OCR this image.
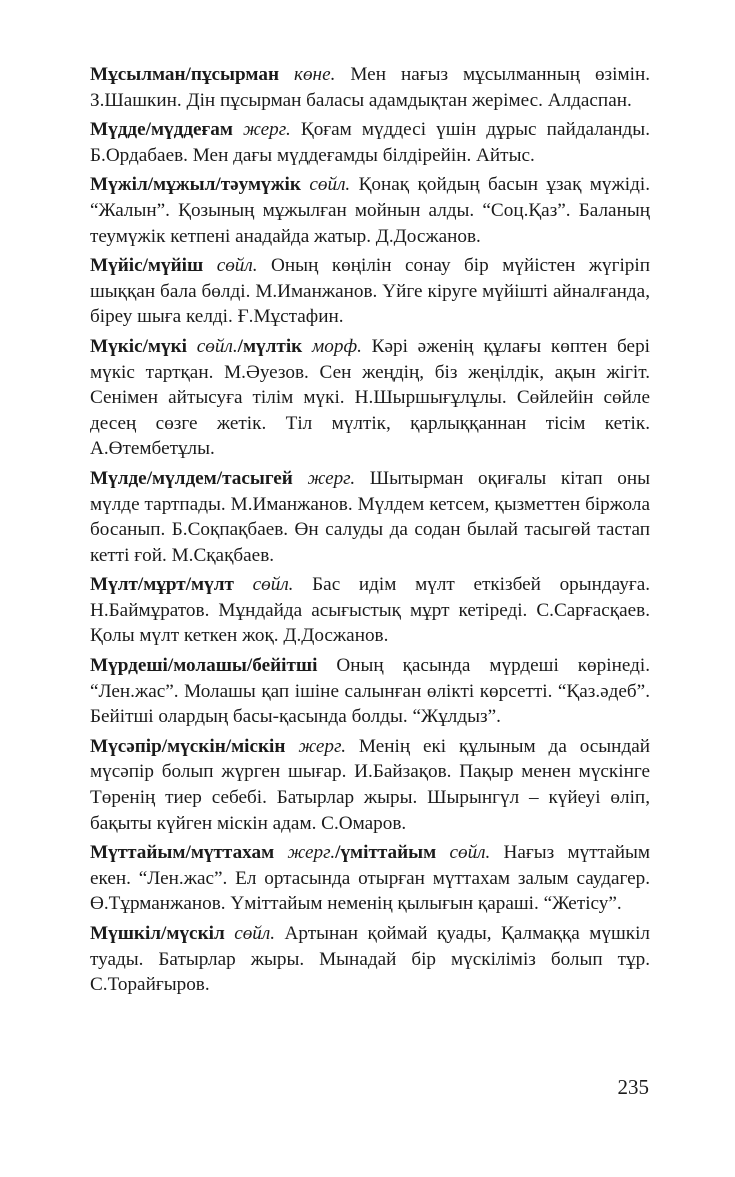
Мұсылман/пұсырман көне. Мен нағыз мұсылманның өзімін. З.Шашкин. Дін пұсырман баласы адамдықтан жерімес. Алдаспан.

Мүдде/мүддеғам жерг. Қоғам мүддесі үшін дұрыс пайдаланды. Б.Ордабаев. Мен дағы мүддеғамды білдірейін. Айтыс.

Мүжіл/мұжыл/тәумүжік сөйл. Қонақ қойдың басын ұзақ мүжіді. “Жалын”. Қозының мұжылған мойнын алды. “Соц.Қаз”. Баланың теумүжік кетпені анадайда жатыр. Д.Досжанов.

Мүйіс/мүйіш сөйл. Оның көңілін сонау бір мүйістен жүгіріп шыққан бала бөлді. М.Иманжанов. Үйге кіруге мүйішті айналғанда, біреу шыға келді. Ғ.Мұстафин.

Мүкіс/мүкі сөйл./мүлтік морф. Кәрі әженің құлағы көптен бері мүкіс тартқан. М.Әуезов. Сен жеңдің, біз жеңілдік, ақын жігіт. Сенімен айтысуға тілім мүкі. Н.Шыршығұлұлы. Сөйлейін сөйле десең сөзге жетік. Тіл мүлтік, қарлыққаннан тісім кетік. А.Өтембетұлы.

Мүлде/мүлдем/тасыгей жерг. Шытырман оқиғалы кітап оны мүлде тартпады. М.Иманжанов. Мүлдем кетсем, қызметтен біржола босанып. Б.Соқпақбаев. Өн салуды да содан былай тасыгөй тастап кетті ғой. М.Сқақбаев.

Мүлт/мұрт/мүлт сөйл. Бас идім мүлт еткізбей орындауға. Н.Баймұратов. Мұндайда асығыстық мұрт кетіреді. С.Сарғасқаев. Қолы мүлт кеткен жоқ. Д.Досжанов.

Мүрдеші/молашы/бейітші Оның қасында мүрдеші көрінеді. “Лен.жас”. Молашы қап ішіне салынған өлікті көрсетті. “Қаз.әдеб”. Бейітші олардың басы-қасында болды. “Жұлдыз”.

Мүсәпір/мүскін/міскін жерг. Менің екі құлыным да осындай мүсәпір болып жүрген шығар. И.Байзақов. Пақыр менен мүскінге Төренің тиер себебі. Батырлар жыры. Шырынгүл – күйеуі өліп, бақыты күйген міскін адам. С.Омаров.

Мүттайым/мүттахам жерг./үміттайым сөйл. Нағыз мүттайым екен. “Лен.жас”. Ел ортасында отырған мүттахам залым саудагер. Ө.Тұрманжанов. Үміттайым неменің қылығын қараші. “Жетісу”.

Мүшкіл/мүскіл сөйл. Артынан қоймай қуады, Қалмаққа мүшкіл туады. Батырлар жыры. Мынадай бір мүскіліміз болып тұр. С.Торайғыров.

235
